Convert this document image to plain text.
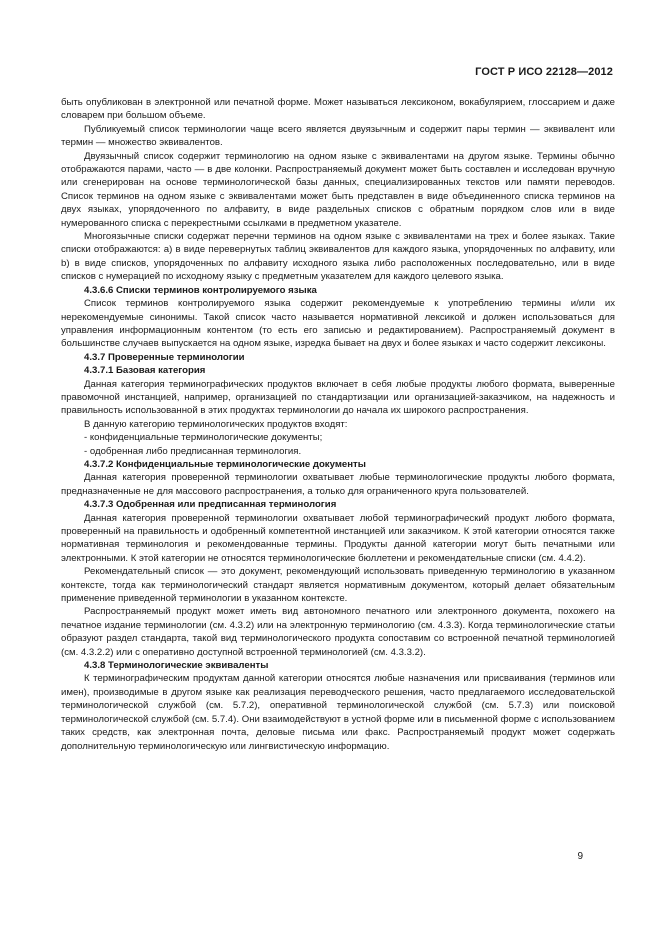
ГОСТ Р ИСО 22128—2012

быть опубликован в электронной или печатной форме. Может называться лексиконом, вокабулярием, глоссарием и даже словарем при большом объеме.

Публикуемый список терминологии чаще всего является двуязычным и содержит пары термин — эквивалент или термин — множество эквивалентов.

Двуязычный список содержит терминологию на одном языке с эквивалентами на другом языке. Термины обычно отображаются парами, часто — в две колонки. Распространяемый документ может быть составлен и исследован вручную или сгенерирован на основе терминологической базы данных, специализированных текстов или памяти переводов. Список терминов на одном языке с эквивалентами может быть представлен в виде объединенного списка терминов на двух языках, упорядоченного по алфавиту, в виде раздельных списков с обратным порядком слов или в виде нумерованного списка с перекрестными ссылками в предметном указателе.

Многоязычные списки содержат перечни терминов на одном языке с эквивалентами на трех и более языках. Такие списки отображаются: а) в виде перевернутых таблиц эквивалентов для каждого языка, упорядоченных по алфавиту, или b) в виде списков, упорядоченных по алфавиту исходного языка либо расположенных последовательно, или в виде списков с нумерацией по исходному языку с предметным указателем для каждого целевого языка.

4.3.6.6 Списки терминов контролируемого языка

Список терминов контролируемого языка содержит рекомендуемые к употреблению термины и/или их нерекомендуемые синонимы. Такой список часто называется нормативной лексикой и должен использоваться для управления информационным контентом (то есть его записью и редактированием). Распространяемый документ в большинстве случаев выпускается на одном языке, изредка бывает на двух и более языках и часто содержит лексиконы.

4.3.7 Проверенные терминологии

4.3.7.1 Базовая категория

Данная категория терминографических продуктов включает в себя любые продукты любого формата, выверенные правомочной инстанцией, например, организацией по стандартизации или организацией-заказчиком, на надежность и правильность использованной в этих продуктах терминологии до начала их широкого распространения.

В данную категорию терминологических продуктов входят:

- конфиденциальные терминологические документы;

- одобренная либо предписанная терминология.

4.3.7.2 Конфиденциальные терминологические документы

Данная категория проверенной терминологии охватывает любые терминологические продукты любого формата, предназначенные не для массового распространения, а только для ограниченного круга пользователей.

4.3.7.3 Одобренная или предписанная терминология

Данная категория проверенной терминологии охватывает любой терминографический продукт любого формата, проверенный на правильность и одобренный компетентной инстанцией или заказчиком. К этой категории относятся также нормативная терминология и рекомендованные термины. Продукты данной категории могут быть печатными или электронными. К этой категории не относятся терминологические бюллетени и рекомендательные списки (см. 4.4.2).

Рекомендательный список — это документ, рекомендующий использовать приведенную терминологию в указанном контексте, тогда как терминологический стандарт является нормативным документом, который делает обязательным применение приведенной терминологии в указанном контексте.

Распространяемый продукт может иметь вид автономного печатного или электронного документа, похожего на печатное издание терминологии (см. 4.3.2) или на электронную терминологию (см. 4.3.3). Когда терминологические статьи образуют раздел стандарта, такой вид терминологического продукта сопоставим со встроенной печатной терминологией (см. 4.3.2.2) или с оперативно доступной встроенной терминологией (см. 4.3.3.2).

4.3.8 Терминологические эквиваленты

К терминографическим продуктам данной категории относятся любые назначения или присваивания (терминов или имен), производимые в другом языке как реализация переводческого решения, часто предлагаемого исследовательской терминологической службой (см. 5.7.2), оперативной терминологической службой (см. 5.7.3) или поисковой терминологической службой (см. 5.7.4). Они взаимодействуют в устной форме или в письменной форме с использованием таких средств, как электронная почта, деловые письма или факс. Распространяемый продукт может содержать дополнительную терминологическую или лингвистическую информацию.

9
